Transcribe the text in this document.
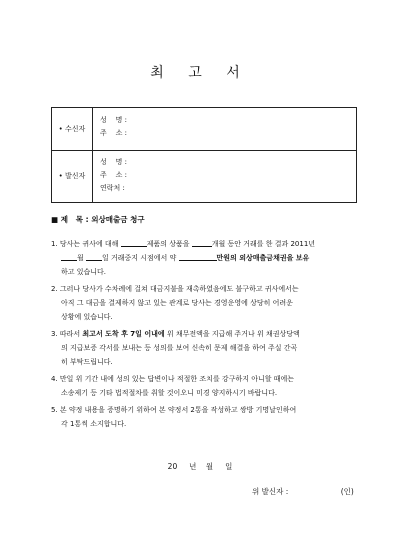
최 고 서
• 수신자
성    명 :
주    소 :
• 발신자
성    명 :
주    소 :
연락처 :
■ 제   목 : 외상매출금 청구
1. 당사는 귀사에 대해	제품의 상품을	개월 동안 거래를 한 결과 2011년
월 일 거래중지 시점에서 약	만원의 외상매출금채권을 보유
하고 있습니다.
2. 그러나 당사가 수차례에 걸쳐 대금지불을 재촉하였음에도 불구하고 귀사에서는
아직 그 대금을 결제하지 않고 있는 관계로 당사는 경영운영에 상당히 어려운
상황에 있습니다.
3. 따라서 최고서 도착 후 7일 이내에 위 채무전액을 지급해 주거나 위 채권상당액
의 지급보증 각서를 보내는 등 성의를 보여 신속히 문제 해결을 하여 주실 간곡
히 부탁드립니다.
4. 만일 위 기간 내에 성의 있는 답변이나 적절한 조치를 강구하지 아니할 때에는
소송제기 등 기타 법적절차를 취할 것이오니 미경 양지하시기 바랍니다.
5. 본 약정 내용을 증명하기 위하여 본 약정서 2통을 작성하고 쌍방 기명날인하여
각 1통씩 소지합니다.
20     년    월     일
위 발신자 :                      (인)
